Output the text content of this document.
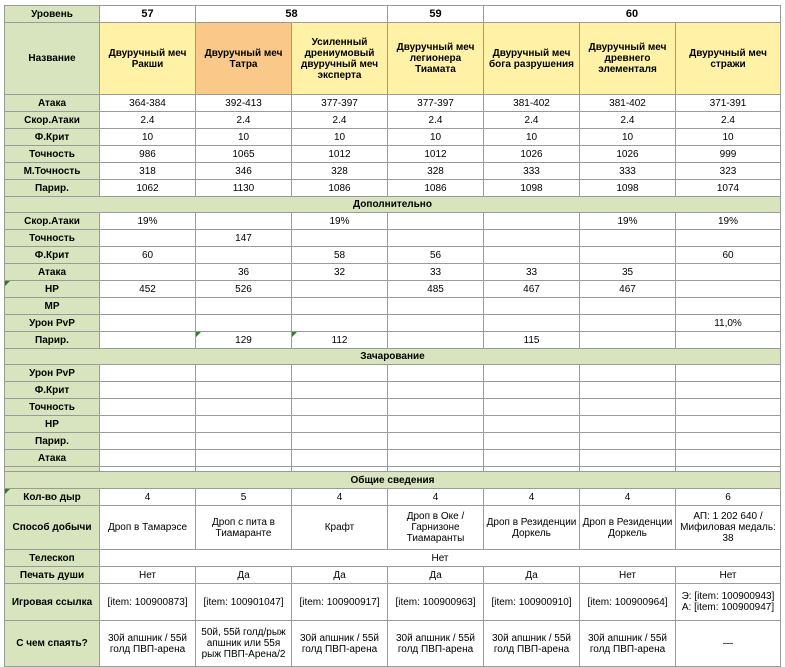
Уровень	57	58		59	60		
Название	Двуручный меч Ракши	Двуручный меч Татра	Усиленный дрениумовый двуручный меч эксперта	Двуручный меч легионера Тиамата	Двуручный меч бога разрушения	Двуручный меч древнего элементаля	Двуручный меч стражи
Атака	364-384	392-413	377-397	377-397	381-402	381-402	371-391
Скор.Атаки	2.4	2.4	2.4	2.4	2.4	2.4	2.4
Ф.Крит	10	10	10	10	10	10	10
Точность	986	1065	1012	1012	1026	1026	999
М.Точность	318	346	328	328	333	333	323
Парир.	1062	1130	1086	1086	1098	1098	1074
Дополнительно							
Скор.Атаки	19%		19%			19%	19%
Точность		147					
Ф.Крит	60		58	56			60
Атака		36	32	33	33	35	
HP	452	526		485	467	467	
MP							
Урон PvP							11,0%
Парир.		129	112		115		
Зачарование							
Урон PvP							
Ф.Крит							
Точность							
HP							
Парир.							
Атака							

Общие сведения							
Кол-во дыр	4	5	4	4	4	4	6
Способ добычи	Дроп в Тамарэсе	Дроп с пита в Тиамаранте	Крафт	Дроп в Оке / Гарнизоне Тиамаранты	Дроп в Резиденции Доркель	Дроп в Резиденции Доркель	АП: 1 202 640 / Мифиловая медаль: 38
Телескоп	Нет						
Печать души	Нет	Да	Да	Да	Да	Нет	Нет
Игровая ссылка	[item: 100900873]	[item: 100901047]	[item: 100900917]	[item: 100900963]	[item: 100900910]	[item: 100900964]	Э: [item: 100900943] А: [item: 100900947]
С чем спаять?	30й апшник / 55й голд ПВП-арена	50й, 55й голд/рыж апшник или 55я рыж ПВП-Арена/2	30й апшник / 55й голд ПВП-арена	30й апшник / 55й голд ПВП-арена	30й апшник / 55й голд ПВП-арена	30й апшник / 55й голд ПВП-арена	—
